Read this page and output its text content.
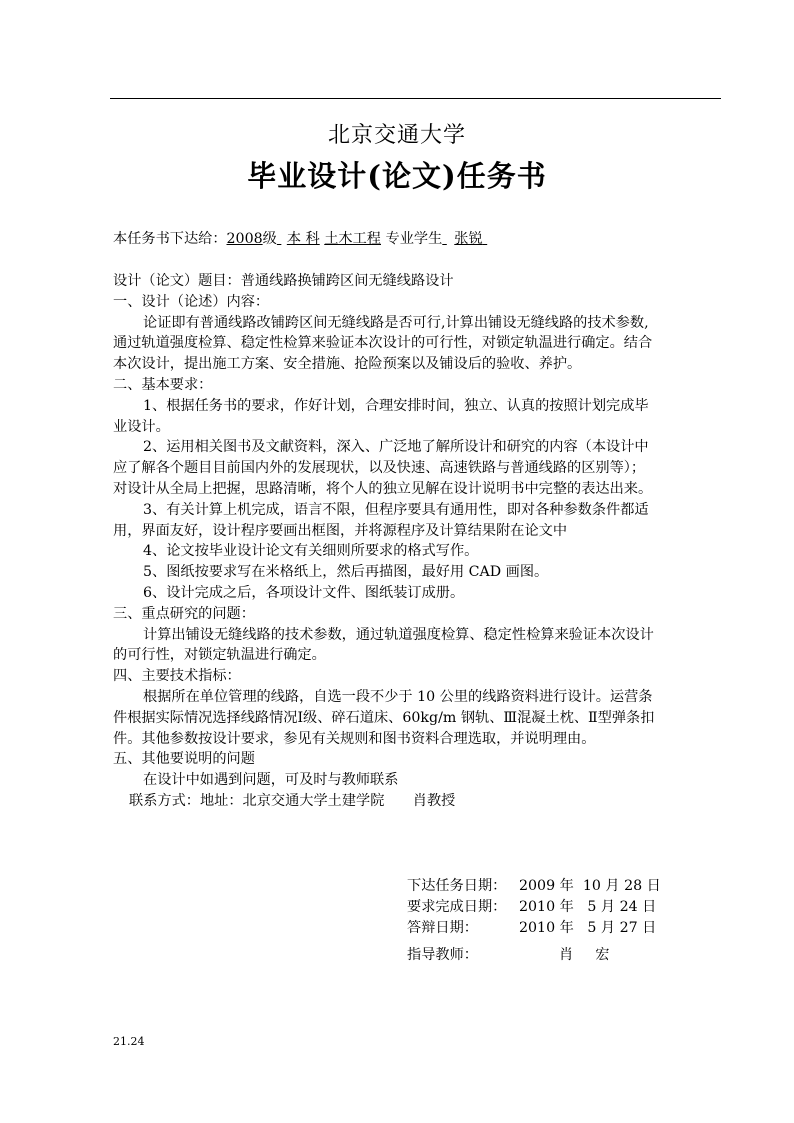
北京交通大学
毕业设计(论文)任务书
本任务书下达给：2008级 本 科 土木工程 专业学生 张锐
设计（论文）题目：普通线路换铺跨区间无缝线路设计
一、设计（论述）内容：
论证即有普通线路改铺跨区间无缝线路是否可行,计算出铺设无缝线路的技术参数,
通过轨道强度检算、稳定性检算来验证本次设计的可行性，对锁定轨温进行确定。结合
本次设计，提出施工方案、安全措施、抢险预案以及铺设后的验收、养护。
二、基本要求：
1、根据任务书的要求，作好计划，合理安排时间，独立、认真的按照计划完成毕
业设计。
2、运用相关图书及文献资料，深入、广泛地了解所设计和研究的内容（本设计中
应了解各个题目目前国内外的发展现状，以及快速、高速铁路与普通线路的区别等）；
对设计从全局上把握，思路清晰，将个人的独立见解在设计说明书中完整的表达出来。
3、有关计算上机完成，语言不限，但程序要具有通用性，即对各种参数条件都适
用，界面友好，设计程序要画出框图，并将源程序及计算结果附在论文中
4、论文按毕业设计论文有关细则所要求的格式写作。
5、图纸按要求写在米格纸上，然后再描图，最好用 CAD 画图。
6、设计完成之后，各项设计文件、图纸装订成册。
三、重点研究的问题：
计算出铺设无缝线路的技术参数，通过轨道强度检算、稳定性检算来验证本次设计
的可行性，对锁定轨温进行确定。
四、主要技术指标：
根据所在单位管理的线路，自选一段不少于 10 公里的线路资料进行设计。运营条
件根据实际情况选择线路情况Ⅰ级、碎石道床、60kg/m 钢轨、Ⅲ混凝土枕、Ⅱ型弹条扣
件。其他参数按设计要求，参见有关规则和图书资料合理选取，并说明理由。
五、其他要说明的问题
在设计中如遇到问题，可及时与教师联系
联系方式：地址：北京交通大学土建学院　　肖教授
下达任务日期： 2009 年  10 月 28 日
要求完成日期： 2010 年   5 月 24 日
答辩日期：	2010 年   5 月 27 日
指导教师：	肖宏
21.24
